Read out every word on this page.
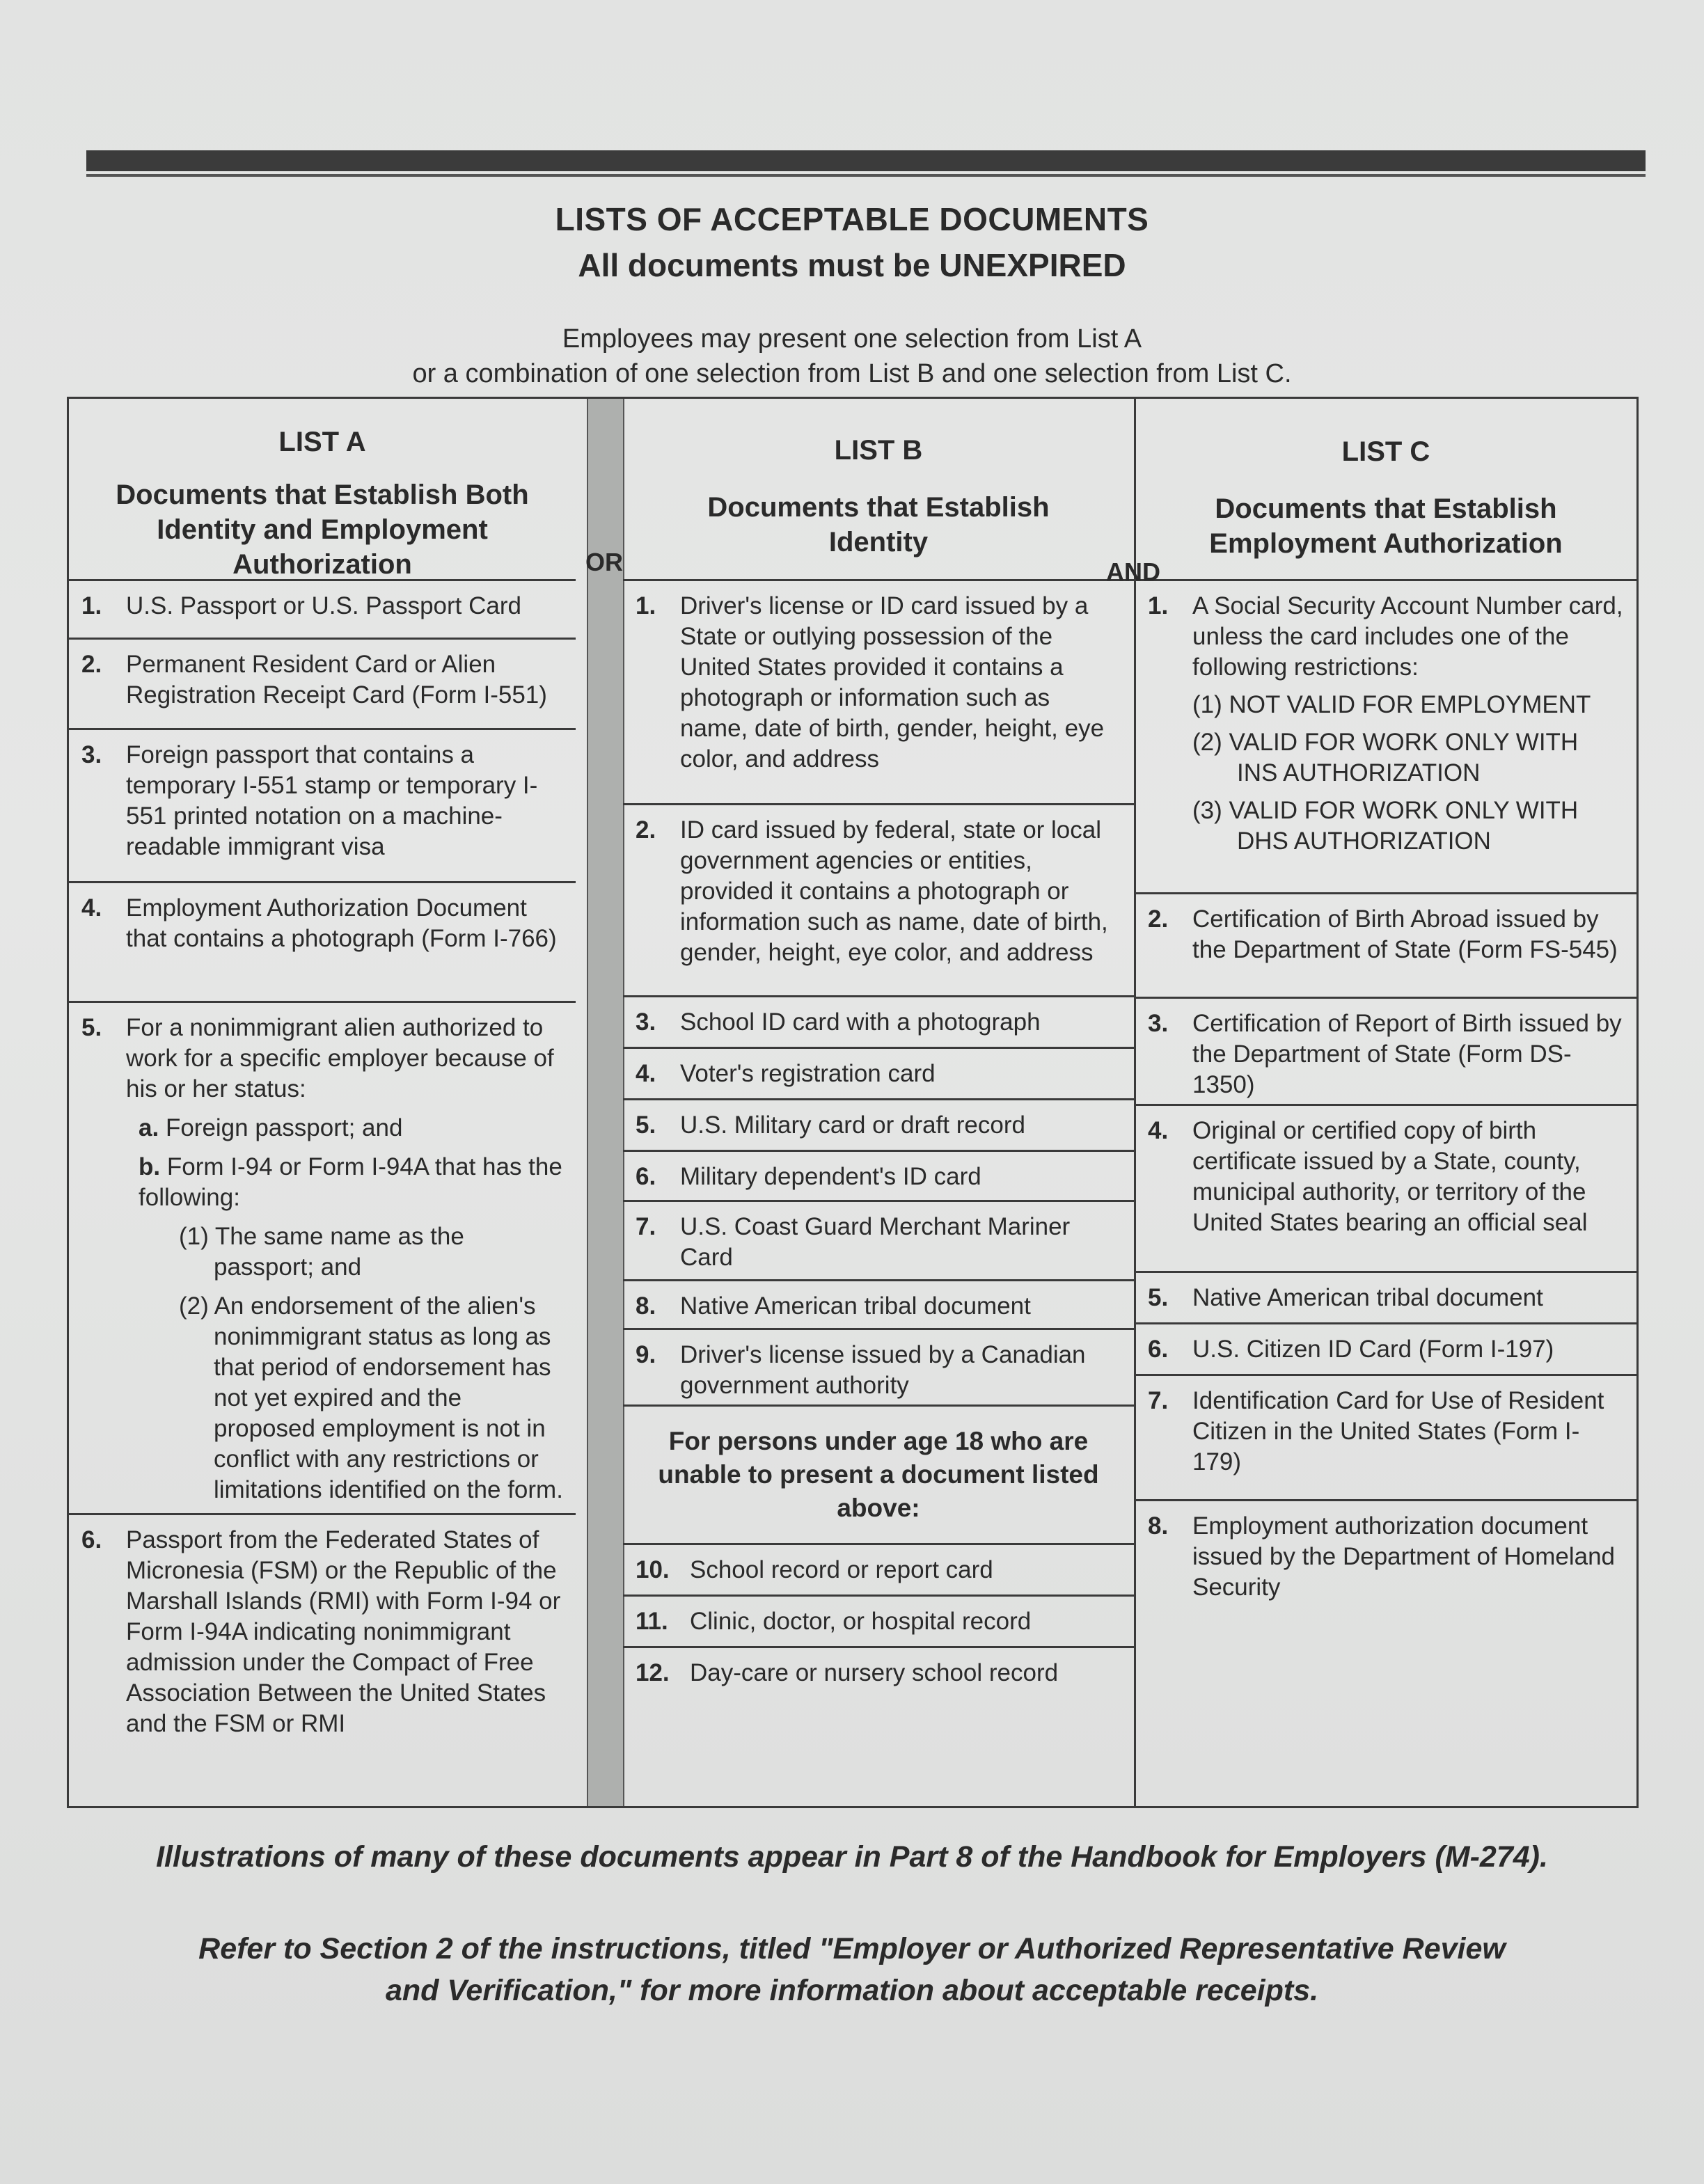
LISTS OF ACCEPTABLE DOCUMENTS
All documents must be UNEXPIRED
Employees may present one selection from List A
or a combination of one selection from List B and one selection from List C.
LIST A
Documents that Establish Both Identity and Employment Authorization
1. U.S. Passport or U.S. Passport Card
2. Permanent Resident Card or Alien Registration Receipt Card (Form I-551)
3. Foreign passport that contains a temporary I-551 stamp or temporary I-551 printed notation on a machine-readable immigrant visa
4. Employment Authorization Document that contains a photograph (Form I-766)
5. For a nonimmigrant alien authorized to work for a specific employer because of his or her status:
a. Foreign passport; and
b. Form I-94 or Form I-94A that has the following:
(1) The same name as the passport; and
(2) An endorsement of the alien's nonimmigrant status as long as that period of endorsement has not yet expired and the proposed employment is not in conflict with any restrictions or limitations identified on the form.
6. Passport from the Federated States of Micronesia (FSM) or the Republic of the Marshall Islands (RMI) with Form I-94 or Form I-94A indicating nonimmigrant admission under the Compact of Free Association Between the United States and the FSM or RMI
OR
LIST B
Documents that Establish Identity
1. Driver's license or ID card issued by a State or outlying possession of the United States provided it contains a photograph or information such as name, date of birth, gender, height, eye color, and address
2. ID card issued by federal, state or local government agencies or entities, provided it contains a photograph or information such as name, date of birth, gender, height, eye color, and address
3. School ID card with a photograph
4. Voter's registration card
5. U.S. Military card or draft record
6. Military dependent's ID card
7. U.S. Coast Guard Merchant Mariner Card
8. Native American tribal document
9. Driver's license issued by a Canadian government authority
For persons under age 18 who are unable to present a document listed above:
10. School record or report card
11. Clinic, doctor, or hospital record
12. Day-care or nursery school record
AND
LIST C
Documents that Establish Employment Authorization
1. A Social Security Account Number card, unless the card includes one of the following restrictions:
(1) NOT VALID FOR EMPLOYMENT
(2) VALID FOR WORK ONLY WITH INS AUTHORIZATION
(3) VALID FOR WORK ONLY WITH DHS AUTHORIZATION
2. Certification of Birth Abroad issued by the Department of State (Form FS-545)
3. Certification of Report of Birth issued by the Department of State (Form DS-1350)
4. Original or certified copy of birth certificate issued by a State, county, municipal authority, or territory of the United States bearing an official seal
5. Native American tribal document
6. U.S. Citizen ID Card (Form I-197)
7. Identification Card for Use of Resident Citizen in the United States (Form I-179)
8. Employment authorization document issued by the Department of Homeland Security
Illustrations of many of these documents appear in Part 8 of the Handbook for Employers (M-274).
Refer to Section 2 of the instructions, titled "Employer or Authorized Representative Review
and Verification," for more information about acceptable receipts.
